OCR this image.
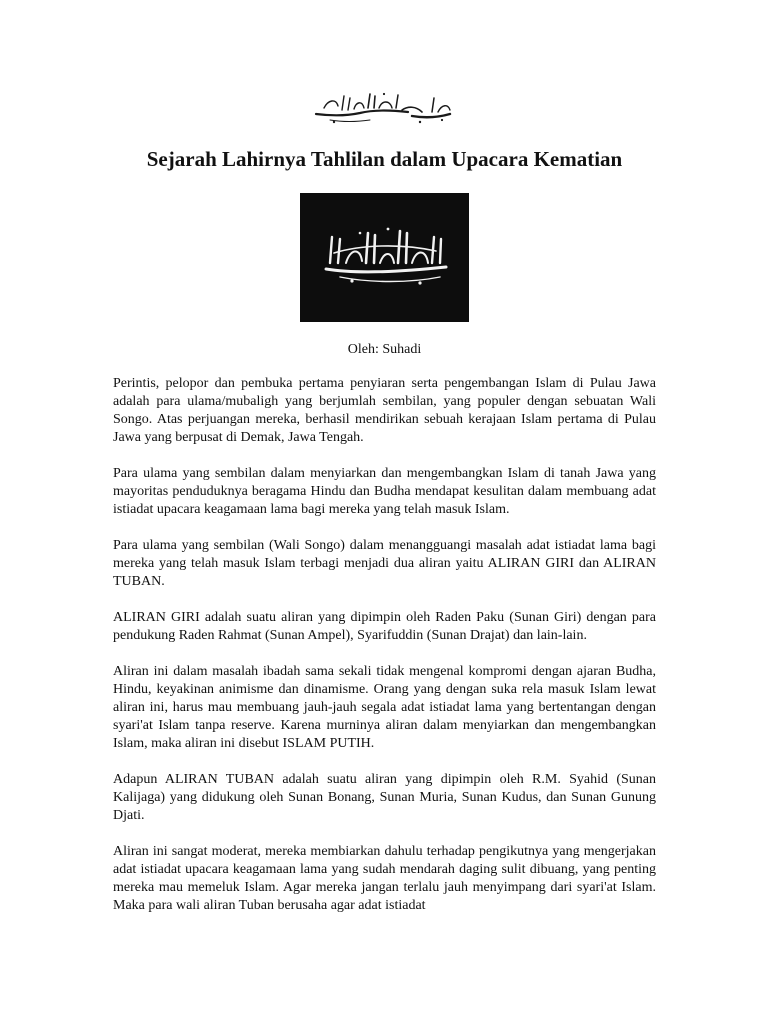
Sejarah Lahirnya Tahlilan dalam Upacara Kematian
Oleh: Suhadi

Perintis, pelopor dan pembuka pertama penyiaran serta pengembangan Islam di Pulau Jawa adalah para ulama/mubaligh yang berjumlah sembilan, yang populer dengan sebuatan Wali Songo. Atas perjuangan mereka, berhasil mendirikan sebuah kerajaan Islam pertama di Pulau Jawa yang berpusat di Demak, Jawa Tengah.

Para ulama yang sembilan dalam menyiarkan dan mengembangkan Islam di tanah Jawa yang mayoritas penduduknya beragama Hindu dan Budha mendapat kesulitan dalam membuang adat istiadat upacara keagamaan lama bagi mereka yang telah masuk Islam.

Para ulama yang sembilan (Wali Songo) dalam menangguangi masalah adat istiadat lama bagi mereka yang telah masuk Islam terbagi menjadi dua aliran yaitu ALIRAN GIRI dan ALIRAN TUBAN.

ALIRAN GIRI adalah suatu aliran yang dipimpin oleh Raden Paku (Sunan Giri) dengan para pendukung Raden Rahmat (Sunan Ampel), Syarifuddin (Sunan Drajat) dan lain-lain.

Aliran ini dalam masalah ibadah sama sekali tidak mengenal kompromi dengan ajaran Budha, Hindu, keyakinan animisme dan dinamisme. Orang yang dengan suka rela masuk Islam lewat aliran ini, harus mau membuang jauh-jauh segala adat istiadat lama yang bertentangan dengan syari'at Islam tanpa reserve. Karena murninya aliran dalam menyiarkan dan mengembangkan Islam, maka aliran ini disebut ISLAM PUTIH.

Adapun ALIRAN TUBAN adalah suatu aliran yang dipimpin oleh R.M. Syahid (Sunan Kalijaga) yang didukung oleh Sunan Bonang, Sunan Muria, Sunan Kudus, dan Sunan Gunung Djati.

Aliran ini sangat moderat, mereka membiarkan dahulu terhadap pengikutnya yang mengerjakan adat istiadat upacara keagamaan lama yang sudah mendarah daging sulit dibuang, yang penting mereka mau memeluk Islam. Agar mereka jangan terlalu jauh menyimpang dari syari'at Islam. Maka para wali aliran Tuban berusaha agar adat istiadat
